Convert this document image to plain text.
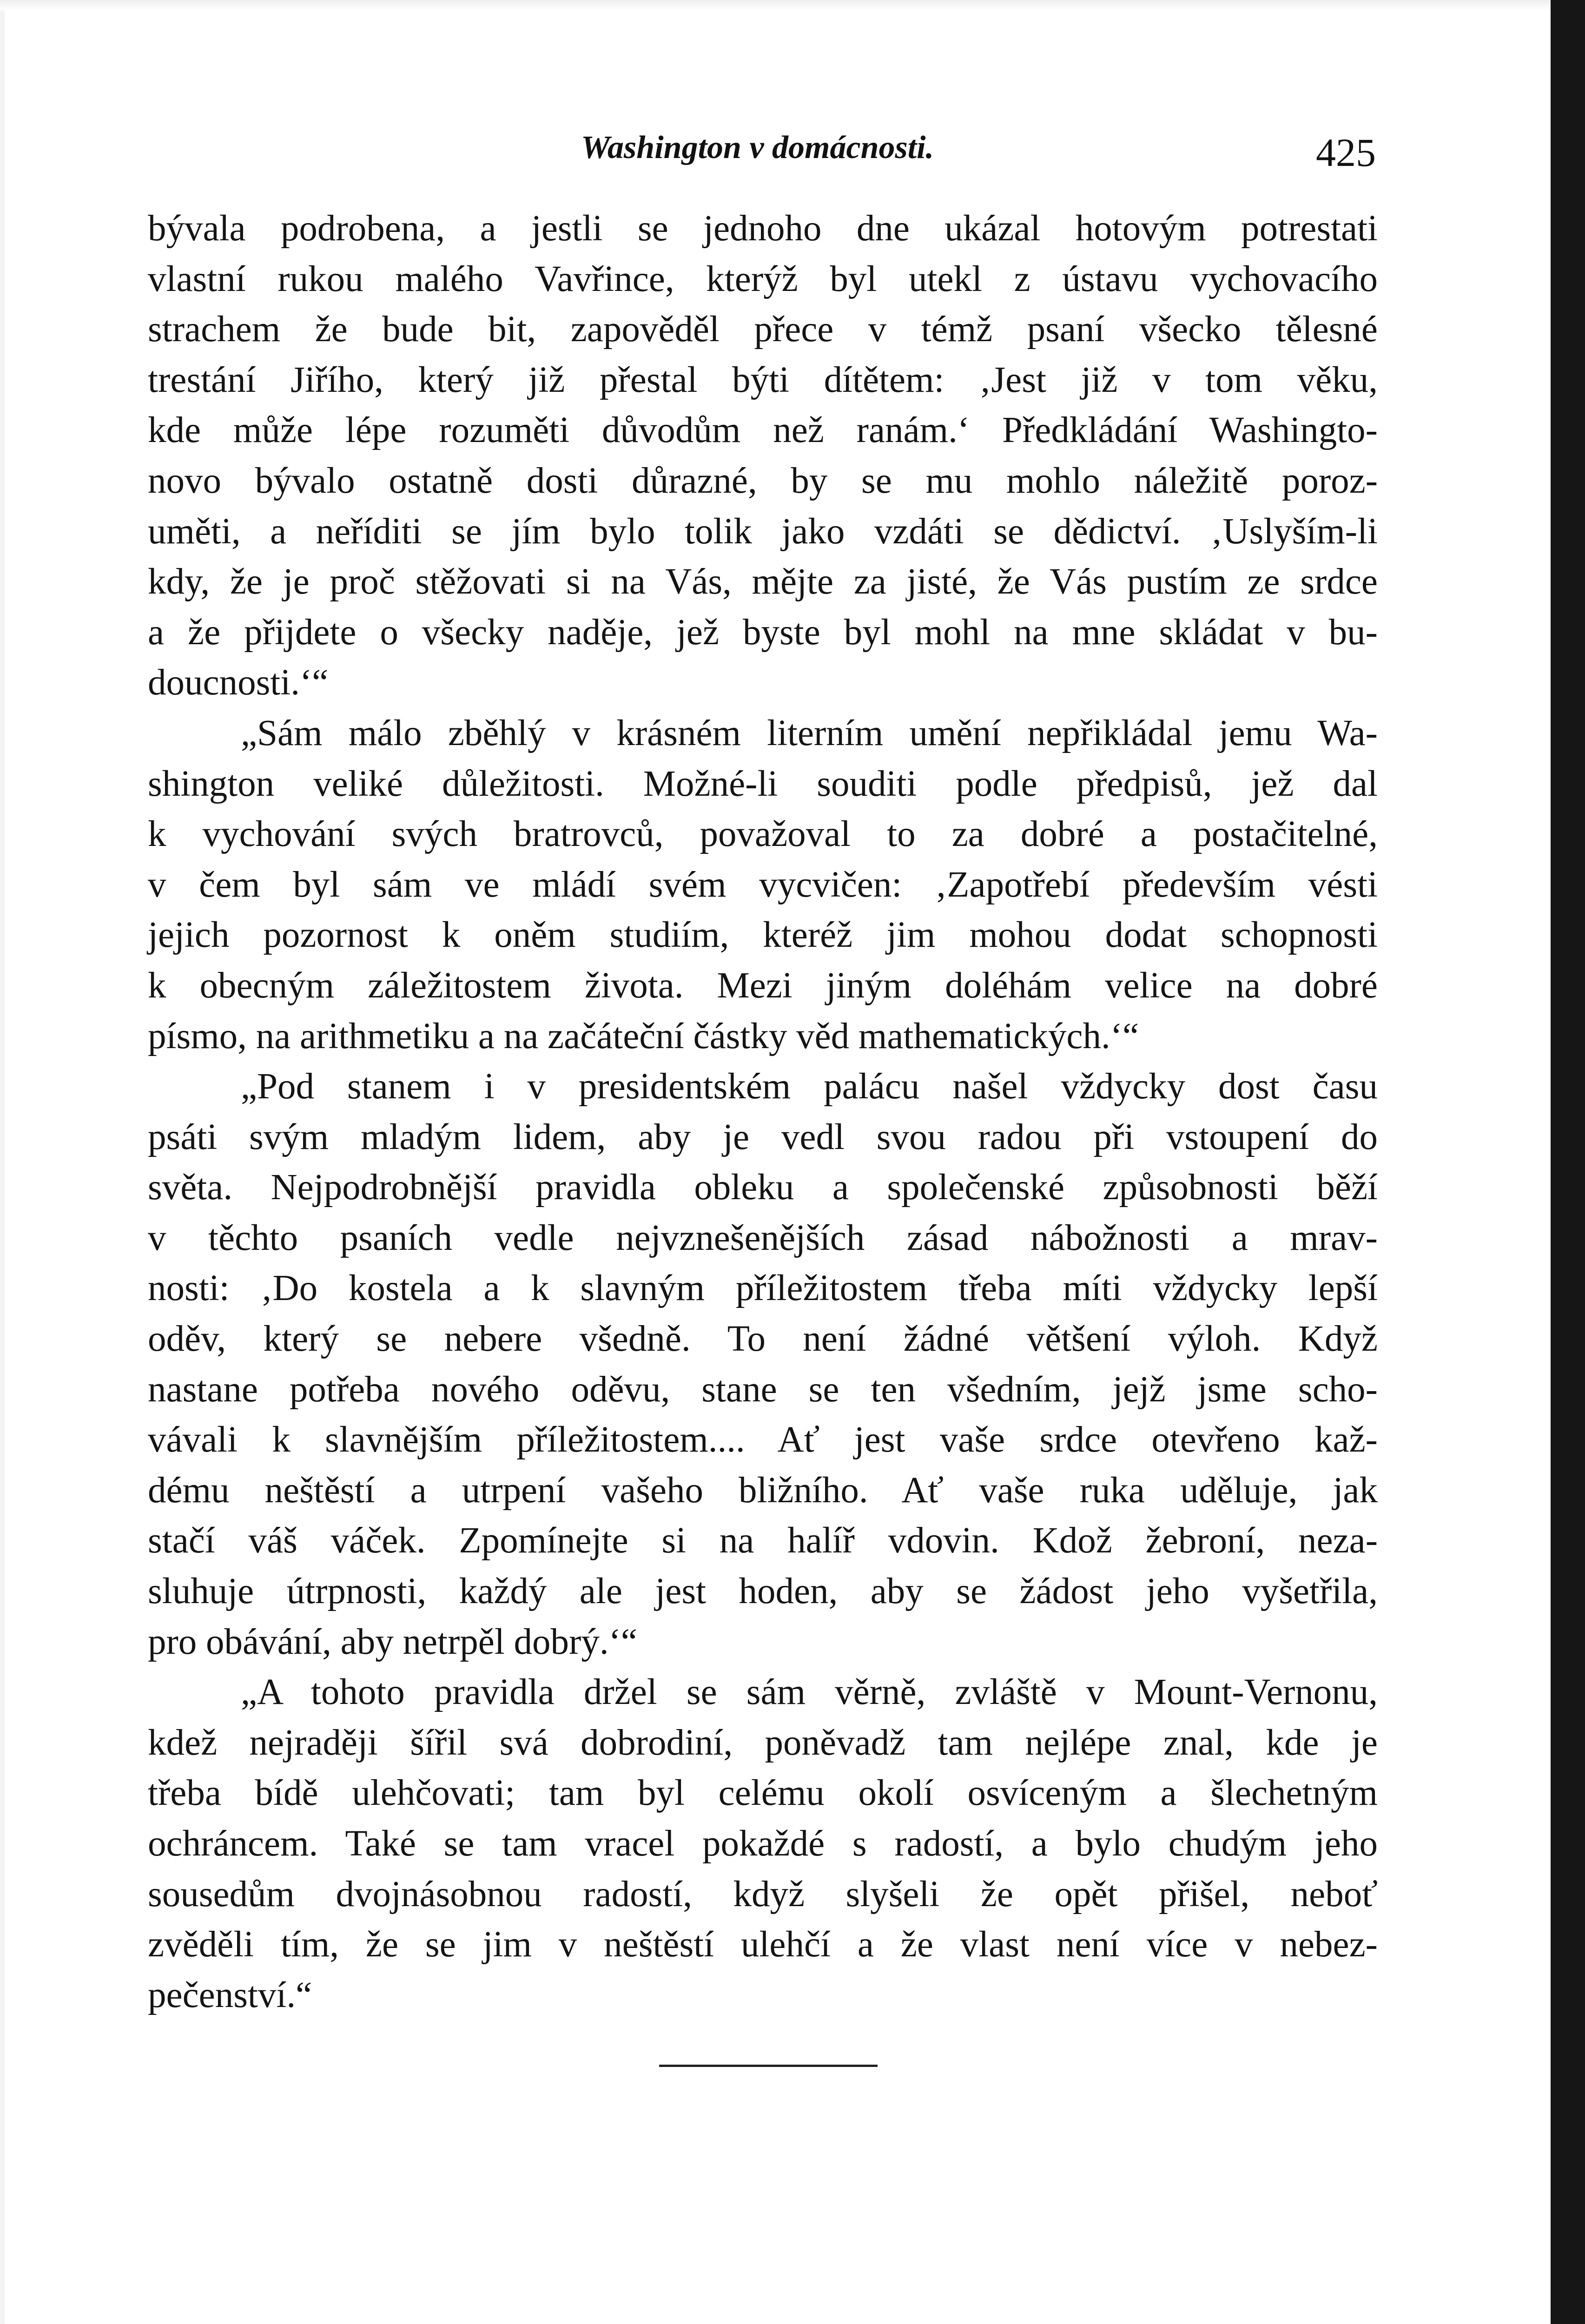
Washington v domácnosti.	425
bývala podrobena, a jestli se jednoho dne ukázal hotovým potrestati
vlastní rukou malého Vavřince, kterýž byl utekl z ústavu vychovacího
strachem že bude bit, zapověděl přece v témž psaní všecko tělesné
trestání Jiřího, který již přestal býti dítětem: ‚Jest již v tom věku,
kde může lépe rozuměti důvodům než ranám.‘ Předkládání Washingto-
novo bývalo ostatně dosti důrazné, by se mu mohlo náležitě poroz-
uměti, a neříditi se jím bylo tolik jako vzdáti se dědictví. ‚Uslyším-li
kdy, že je proč stěžovati si na Vás, mějte za jisté, že Vás pustím ze srdce
a že přijdete o všecky naděje, jež byste byl mohl na mne skládat v bu-
doucnosti.‘“
„Sám málo zběhlý v krásném literním umění nepřikládal jemu Wa-
shington veliké důležitosti. Možné-li souditi podle předpisů, jež dal
k vychování svých bratrovců, považoval to za dobré a postačitelné,
v čem byl sám ve mládí svém vycvičen: ‚Zapotřebí především vésti
jejich pozornost k oněm studiím, kteréž jim mohou dodat schopnosti
k obecným záležitostem života. Mezi jiným doléhám velice na dobré
písmo, na arithmetiku a na začáteční částky věd mathematických.‘“
„Pod stanem i v presidentském palácu našel vždycky dost času
psáti svým mladým lidem, aby je vedl svou radou při vstoupení do
světa. Nejpodrobnější pravidla obleku a společenské způsobnosti běží
v těchto psaních vedle nejvznešenějších zásad nábožnosti a mrav-
nosti: ‚Do kostela a k slavným příležitostem třeba míti vždycky lepší
oděv, který se nebere všedně. To není žádné většení výloh. Když
nastane potřeba nového oděvu, stane se ten všedním, jejž jsme scho-
vávali k slavnějším příležitostem.... Ať jest vaše srdce otevřeno kaž-
dému neštěstí a utrpení vašeho bližního. Ať vaše ruka uděluje, jak
stačí váš váček. Zpomínejte si na halíř vdovin. Kdož žebroní, neza-
sluhuje útrpnosti, každý ale jest hoden, aby se žádost jeho vyšetřila,
pro obávání, aby netrpěl dobrý.‘“
„A tohoto pravidla držel se sám věrně, zvláště v Mount-Vernonu,
kdež nejraději šířil svá dobrodiní, poněvadž tam nejlépe znal, kde je
třeba bídě ulehčovati; tam byl celému okolí osvíceným a šlechetným
ochráncem. Také se tam vracel pokaždé s radostí, a bylo chudým jeho
sousedům dvojnásobnou radostí, když slyšeli že opět přišel, neboť
zvěděli tím, že se jim v neštěstí ulehčí a že vlast není více v nebez-
pečenství.“
